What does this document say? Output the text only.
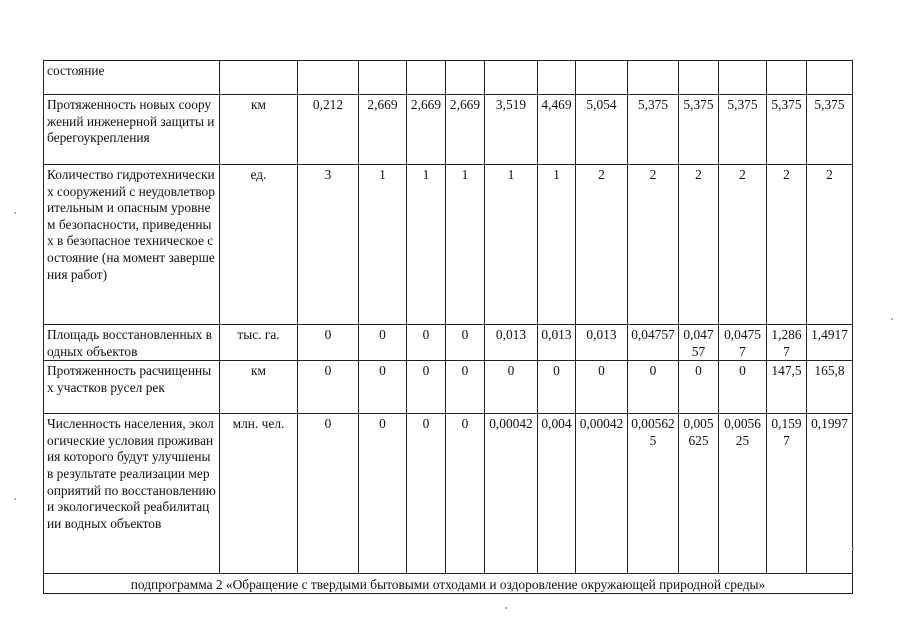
состояние													
Протяженность новых сооружений инженерной защиты и берегоукрепления	км	0,212	2,669	2,669	2,669	3,519	4,469	5,054	5,375	5,375	5,375	5,375	5,375
Количество гидротехнических сооружений с неудовлетворительным и опасным уровнем безопасности, приведенных в безопасное техническое состояние (на момент завершения работ)	ед.	3	1	1	1	1	1	2	2	2	2	2	2
Площадь восстановленных водных объектов	тыс. га.	0	0	0	0	0,013	0,013	0,013	0,04757	0,04757	0,04757	1,2867	1,4917
Протяженность расчищенных участков русел рек	км	0	0	0	0	0	0	0	0	0	0	147,5	165,8
Численность населения, экологические условия проживания которого будут улучшены в результате реализации мероприятий по восстановлению и экологической реабилитации водных объектов	млн. чел.	0	0	0	0	0,00042	0,004	0,00042	0,005625	0,005625	0,005625	0,1597	0,1997
подпрограмма 2 «Обращение с твердыми бытовыми отходами и оздоровление окружающей природной среды»													
